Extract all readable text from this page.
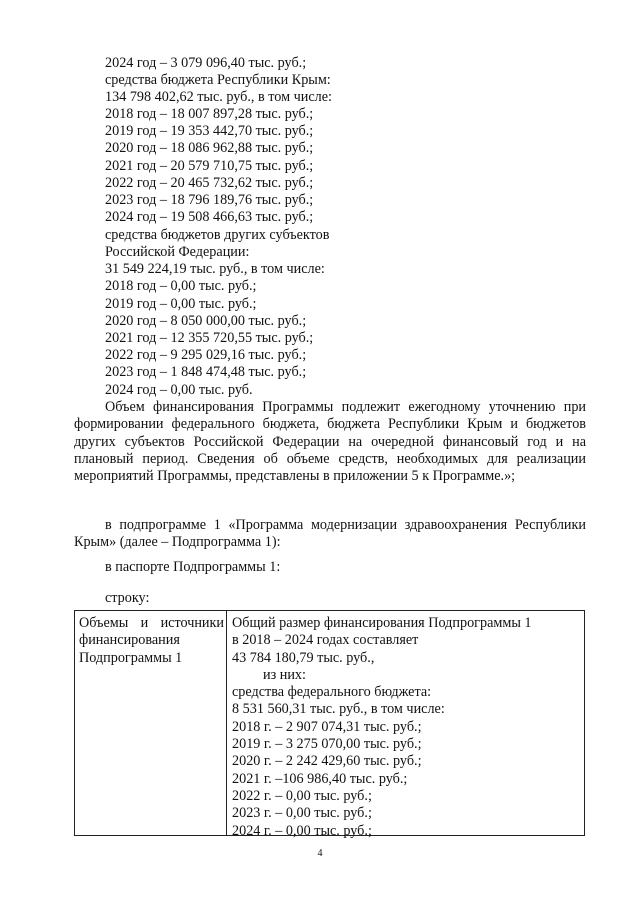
2024 год – 3 079 096,40 тыс. руб.;
средства бюджета Республики Крым:
134 798 402,62 тыс. руб., в том числе:
2018 год – 18 007 897,28 тыс. руб.;
2019 год – 19 353 442,70 тыс. руб.;
2020 год – 18 086 962,88 тыс. руб.;
2021 год – 20 579 710,75 тыс. руб.;
2022 год – 20 465 732,62 тыс. руб.;
2023 год – 18 796 189,76 тыс. руб.;
2024 год – 19 508 466,63 тыс. руб.;
средства бюджетов других субъектов
Российской Федерации:
31 549 224,19 тыс. руб., в том числе:
2018 год – 0,00 тыс. руб.;
2019 год – 0,00 тыс. руб.;
2020 год – 8 050 000,00 тыс. руб.;
2021 год – 12 355 720,55 тыс. руб.;
2022 год – 9 295 029,16 тыс. руб.;
2023 год – 1 848 474,48 тыс. руб.;
2024 год – 0,00 тыс. руб.
Объем финансирования Программы подлежит ежегодному уточнению при формировании федерального бюджета, бюджета Республики Крым и бюджетов других субъектов Российской Федерации на очередной финансовый год и на плановый период. Сведения об объеме средств, необходимых для реализации мероприятий Программы, представлены в приложении 5 к Программе.»;
в подпрограмме 1 «Программа модернизации здравоохранения Республики Крым» (далее – Подпрограмма 1):
в паспорте Подпрограммы 1:
строку:
Объемы и источники финансирования Подпрограммы 1
Общий размер финансирования Подпрограммы 1
в 2018 – 2024 годах составляет
43 784 180,79 тыс. руб.,
из них:
средства федерального бюджета:
8 531 560,31 тыс. руб., в том числе:
2018 г. – 2 907 074,31 тыс. руб.;
2019 г. – 3 275 070,00 тыс. руб.;
2020 г. – 2 242 429,60 тыс. руб.;
2021 г. –106 986,40 тыс. руб.;
2022 г. – 0,00 тыс. руб.;
2023 г. – 0,00 тыс. руб.;
2024 г. – 0,00 тыс. руб.;
4
